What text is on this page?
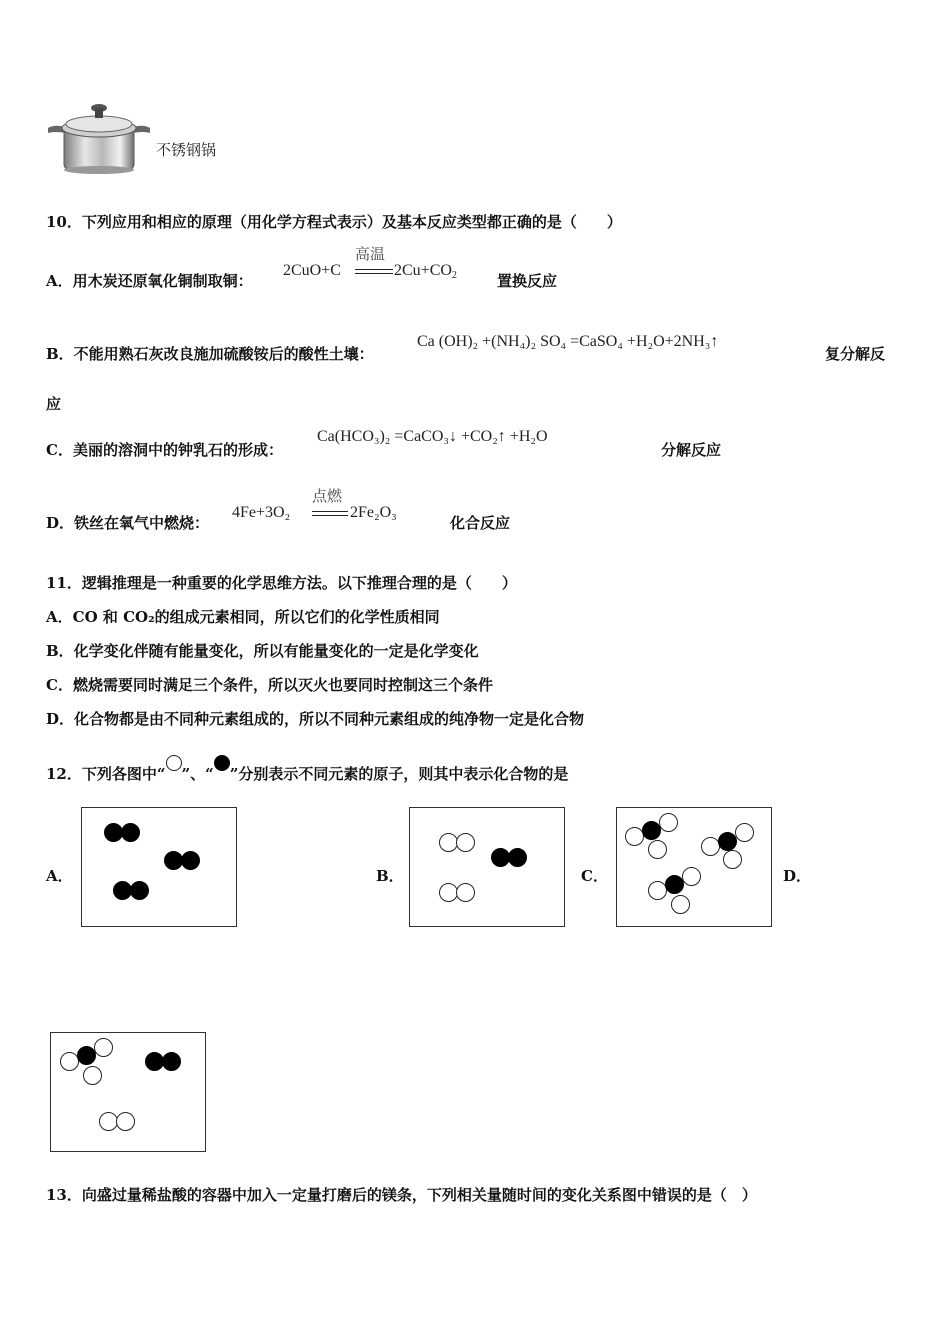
不锈钢锅
10．下列应用和相应的原理（用化学方程式表示）及基本反应类型都正确的是（　　）
A．用木炭还原氧化铜制取铜：
2CuO+C
高温
$2Cu+CO_2$	置换反应
B．不能用熟石灰改良施加硫酸铵后的酸性土壤：
Ca (OH)₂ +(NH₄)₂ SO₄ =CaSO₄ +H₂O+2NH₃↑
复分解反
应
C．美丽的溶洞中的钟乳石的形成：
Ca(HCO₃)₂ =CaCO₃↓ +CO₂↑ +H₂O
分解反应
D．铁丝在氧气中燃烧：
4Fe+3O₂
点燃
2Fe₂O₃
化合反应
11．逻辑推理是一种重要的化学思维方法。以下推理合理的是（　　）
A．CO 和 CO₂的组成元素相同，所以它们的化学性质相同
B．化学变化伴随有能量变化，所以有能量变化的一定是化学变化
C．燃烧需要同时满足三个条件，所以灭火也要同时控制这三个条件
D．化合物都是由不同种元素组成的，所以不同种元素组成的纯净物一定是化合物
12．下列各图中“ ”、“ ”分别表示不同元素的原子，则其中表示化合物的是
A．	B．	C．	D．
13．向盛过量稀盐酸的容器中加入一定量打磨后的镁条，下列相关量随时间的变化关系图中错误的是（　）
